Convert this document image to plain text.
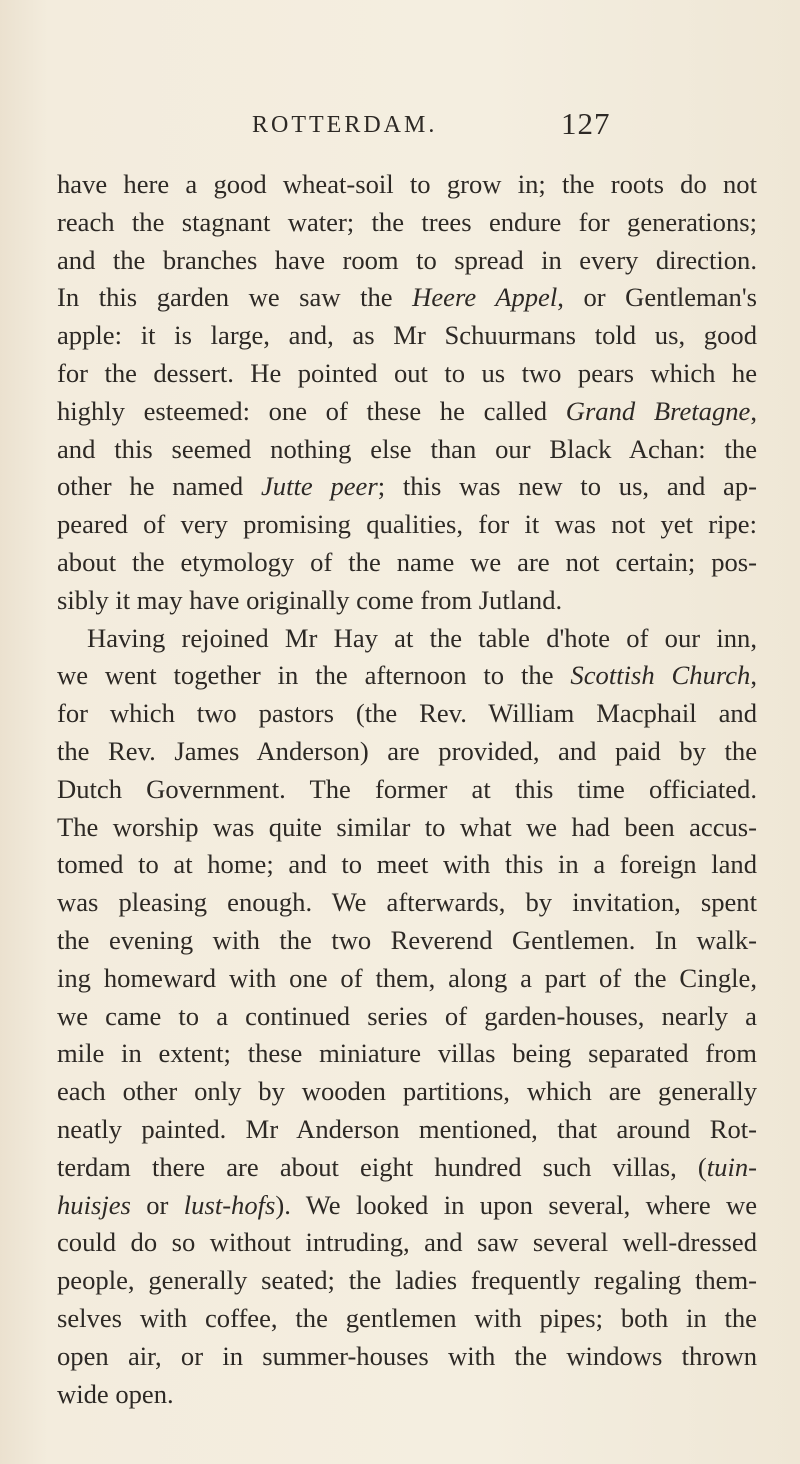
ROTTERDAM.	127
have here a good wheat-soil to grow in; the roots do not
reach the stagnant water; the trees endure for generations;
and the branches have room to spread in every direction.
In this garden we saw the Heere Appel, or Gentleman's
apple: it is large, and, as Mr Schuurmans told us, good
for the dessert. He pointed out to us two pears which he
highly esteemed: one of these he called Grand Bretagne,
and this seemed nothing else than our Black Achan: the
other he named Jutte peer; this was new to us, and ap-
peared of very promising qualities, for it was not yet ripe:
about the etymology of the name we are not certain; pos-
sibly it may have originally come from Jutland.
Having rejoined Mr Hay at the table d'hote of our inn,
we went together in the afternoon to the Scottish Church,
for which two pastors (the Rev. William Macphail and
the Rev. James Anderson) are provided, and paid by the
Dutch Government. The former at this time officiated.
The worship was quite similar to what we had been accus-
tomed to at home; and to meet with this in a foreign land
was pleasing enough. We afterwards, by invitation, spent
the evening with the two Reverend Gentlemen. In walk-
ing homeward with one of them, along a part of the Cingle,
we came to a continued series of garden-houses, nearly a
mile in extent; these miniature villas being separated from
each other only by wooden partitions, which are generally
neatly painted. Mr Anderson mentioned, that around Rot-
terdam there are about eight hundred such villas, (tuin-
huisjes or lust-hofs). We looked in upon several, where we
could do so without intruding, and saw several well-dressed
people, generally seated; the ladies frequently regaling them-
selves with coffee, the gentlemen with pipes; both in the
open air, or in summer-houses with the windows thrown
wide open.
